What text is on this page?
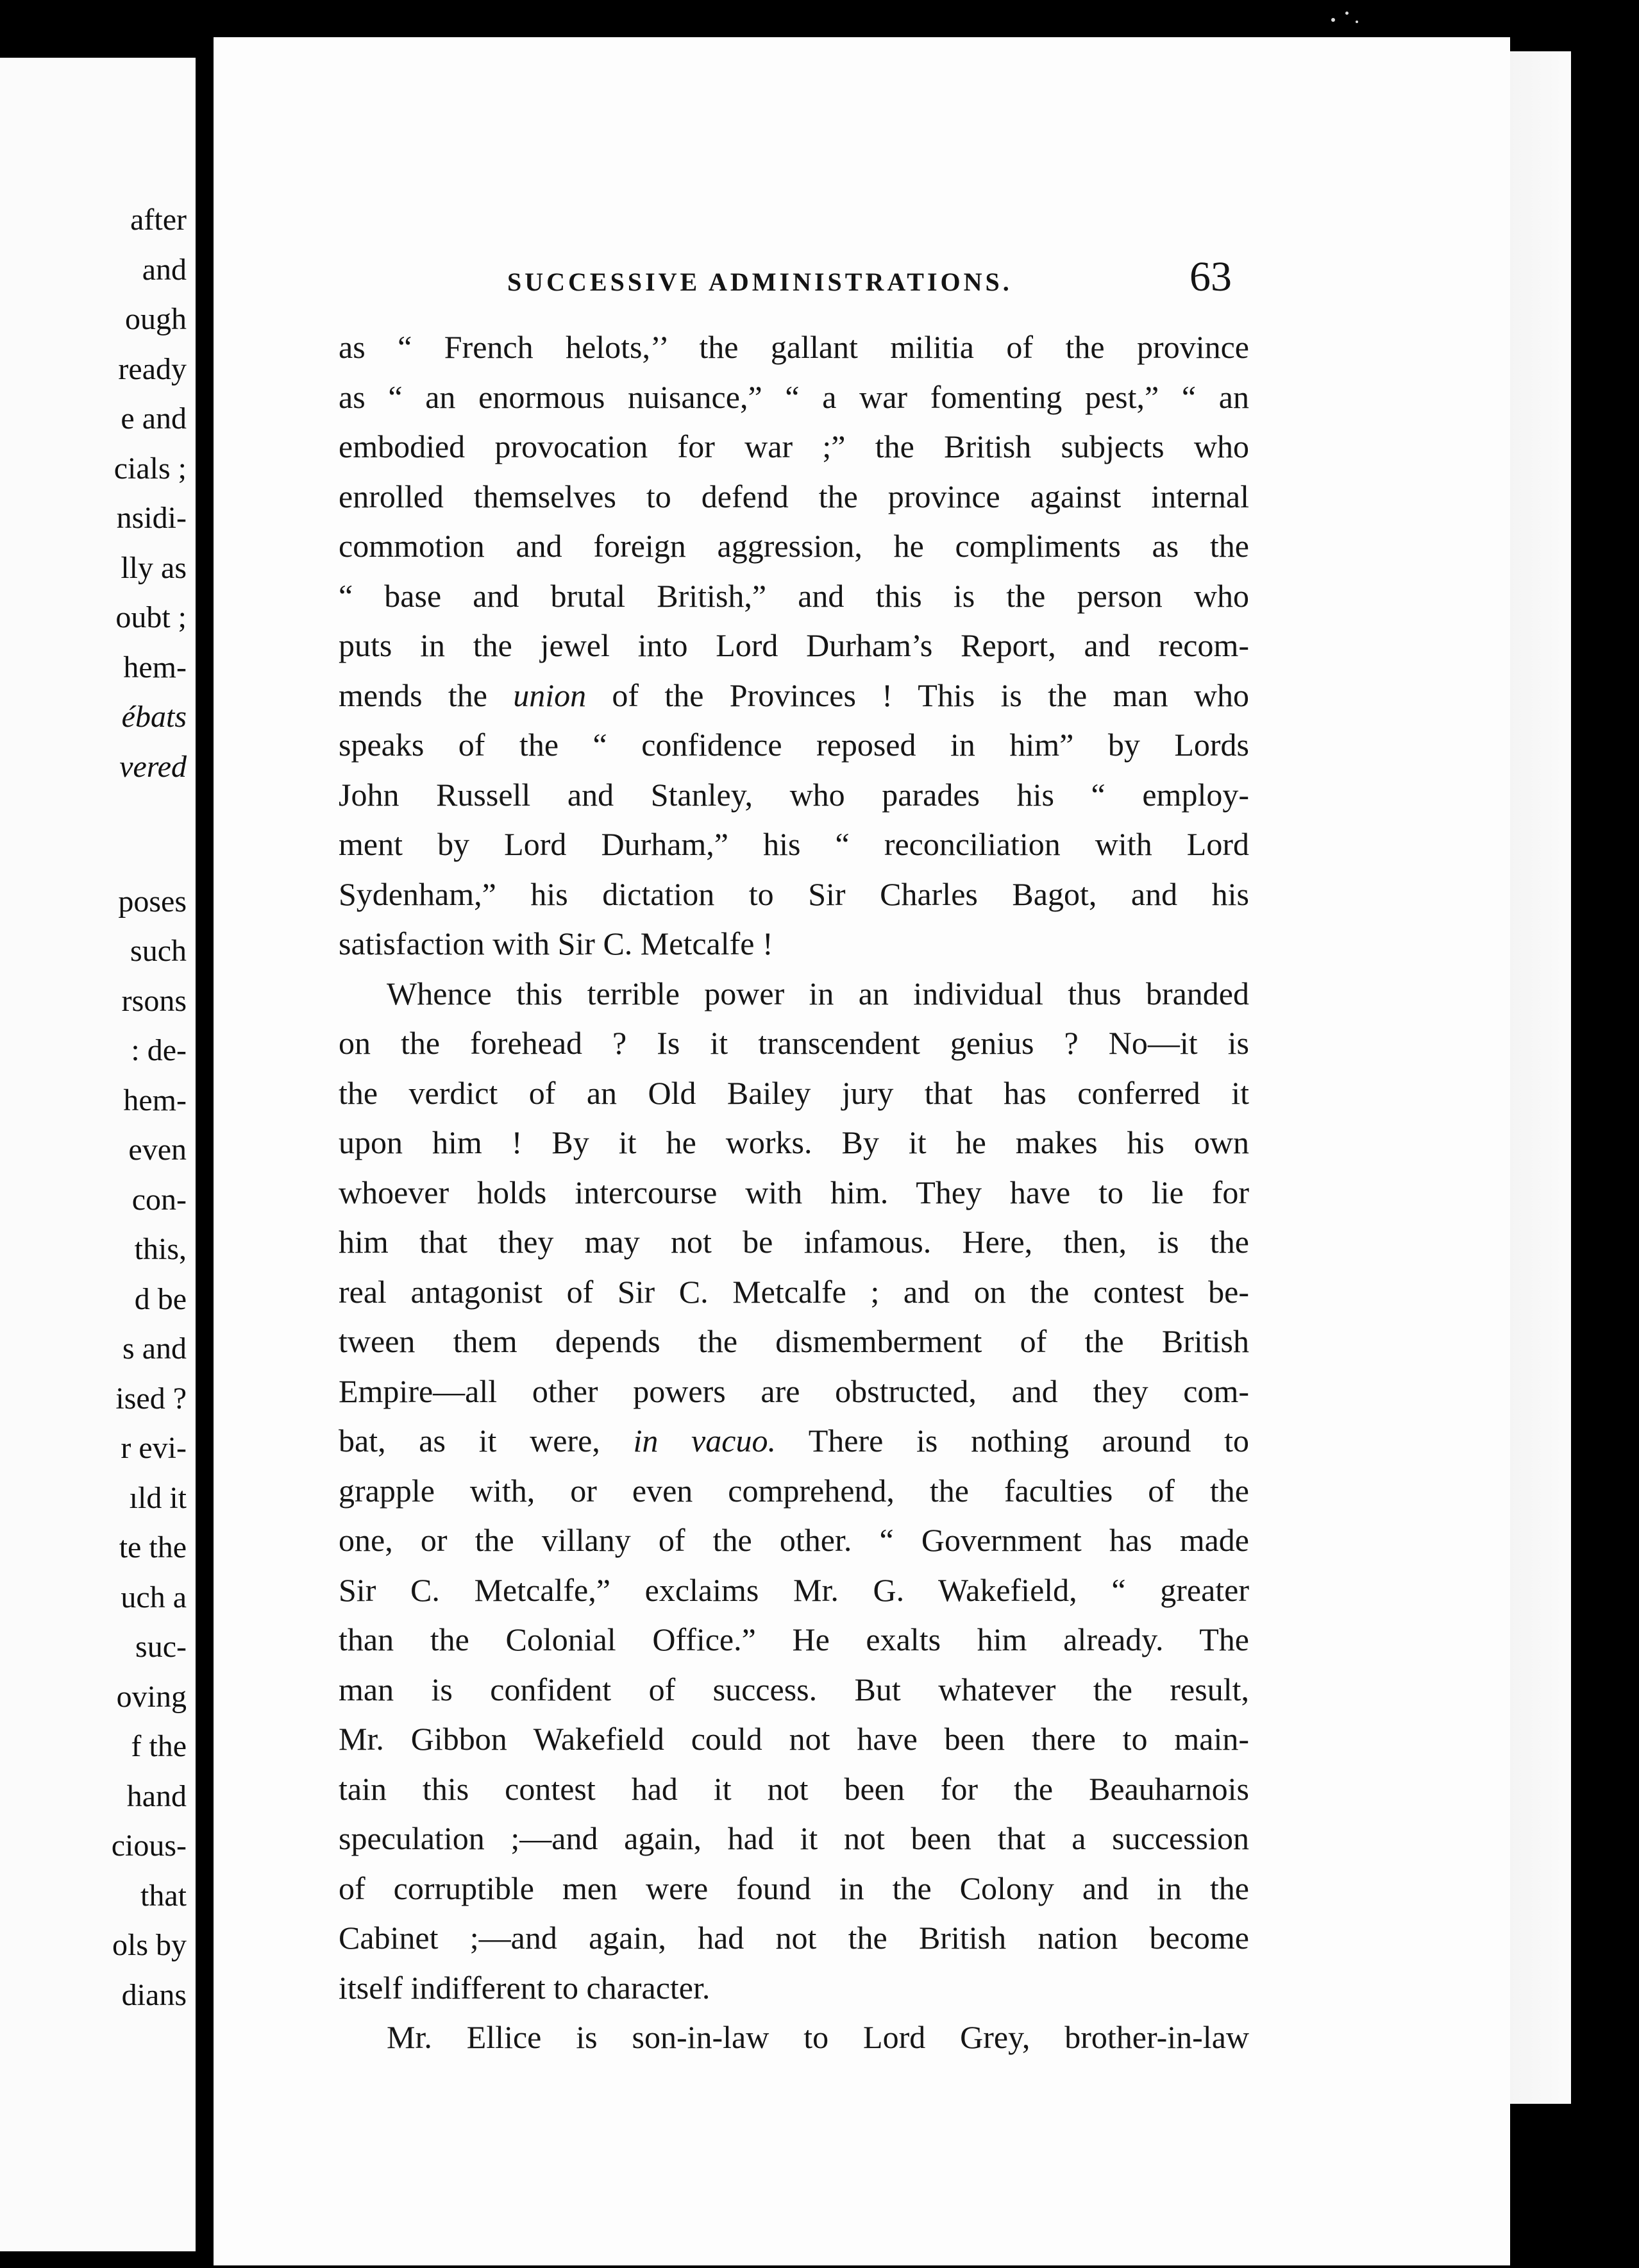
after
and
ough
ready
e and
cials ;
nsidi-
lly as
oubt ;
hem-
ébats
vered
poses
such
rsons
: de-
hem-
even
con-
this,
d be
s and
ised ?
r evi-
ıld it
te the
uch a
suc-
oving
f the
hand
cious-
that
ols by
dians
SUCCESSIVE ADMINISTRATIONS.	63
as “ French helots,’’ the gallant militia of the province
as “ an enormous nuisance,” “ a war fomenting pest,” “ an
embodied provocation for war ;” the British subjects who
enrolled themselves to defend the province against internal
commotion and foreign aggression, he compliments as the
“ base and brutal British,” and this is the person who
puts in the jewel into Lord Durham’s Report, and recom-
mends the union of the Provinces ! This is the man who
speaks of the “ confidence reposed in him” by Lords
John Russell and Stanley, who parades his “ employ-
ment by Lord Durham,” his “ reconciliation with Lord
Sydenham,” his dictation to Sir Charles Bagot, and his
satisfaction with Sir C. Metcalfe !
Whence this terrible power in an individual thus branded
on the forehead ? Is it transcendent genius ? No—it is
the verdict of an Old Bailey jury that has conferred it
upon him ! By it he works. By it he makes his own
whoever holds intercourse with him. They have to lie for
him that they may not be infamous. Here, then, is the
real antagonist of Sir C. Metcalfe ; and on the contest be-
tween them depends the dismemberment of the British
Empire—all other powers are obstructed, and they com-
bat, as it were, in vacuo. There is nothing around to
grapple with, or even comprehend, the faculties of the
one, or the villany of the other. “ Government has made
Sir C. Metcalfe,” exclaims Mr. G. Wakefield, “ greater
than the Colonial Office.” He exalts him already. The
man is confident of success. But whatever the result,
Mr. Gibbon Wakefield could not have been there to main-
tain this contest had it not been for the Beauharnois
speculation ;—and again, had it not been that a succession
of corruptible men were found in the Colony and in the
Cabinet ;—and again, had not the British nation become
itself indifferent to character.
Mr. Ellice is son-in-law to Lord Grey, brother-in-law
